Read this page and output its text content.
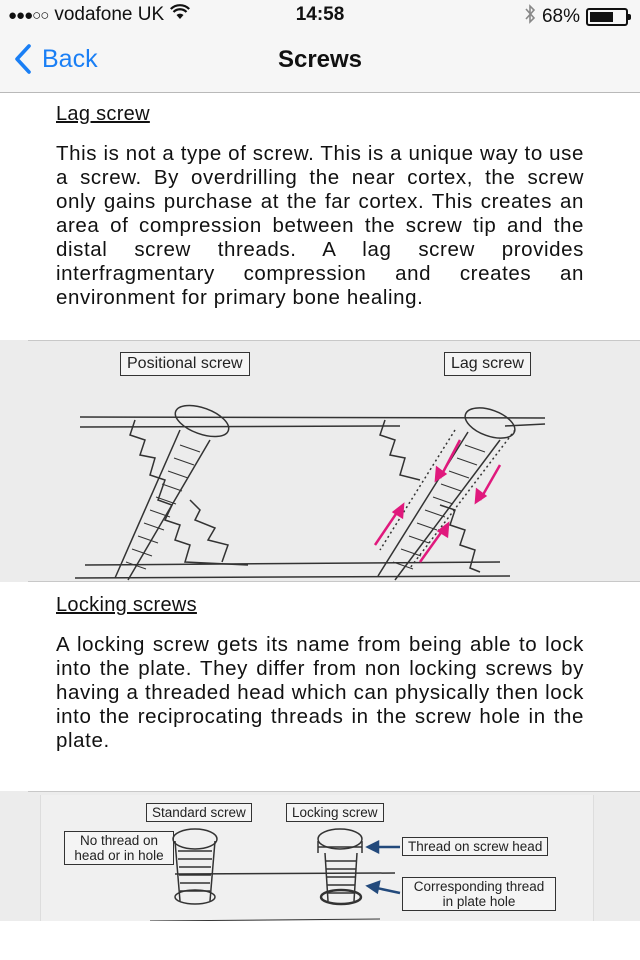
●●●○○ vodafone UK	14:58	68%
Back	Screws
Lag screw
This is not a type of screw. This is a unique way to use a screw. By overdrilling the near cortex, the screw only gains purchase at the far cortex. This creates an area of compression between the screw tip and the distal screw threads. A lag screw provides interfragmentary compression and creates an environment for primary bone healing.
Positional screw	Lag screw
Locking screws
A locking screw gets its name from being able to lock into the plate. They differ from non locking screws by having a threaded head which can physically then lock into the reciprocating threads in the screw hole in the plate.
Standard screw	Locking screw
No thread on head or in hole
Thread on screw head
Corresponding thread in plate hole
